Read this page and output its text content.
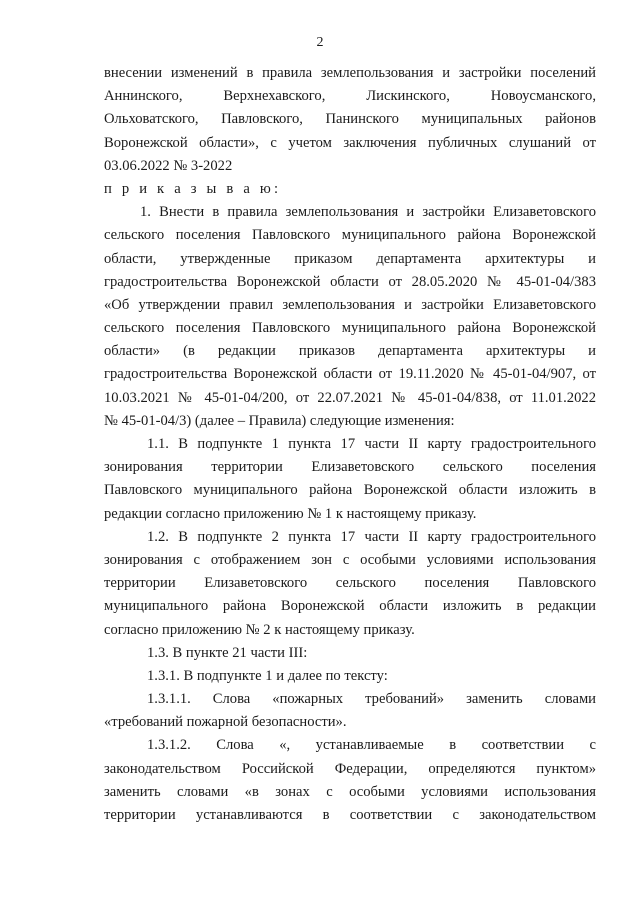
2
внесении изменений в правила землепользования и застройки поселений
Аннинского, Верхнехавского, Лискинского, Новоусманского,
Ольховатского, Павловского, Панинского муниципальных районов
Воронежской области», с учетом заключения публичных слушаний от
03.06.2022 № 3-2022
п р и к а з ы в а ю:
1. Внести в правила землепользования и застройки Елизаветовского
сельского поселения Павловского муниципального района Воронежской
области, утвержденные приказом департамента архитектуры и
градостроительства Воронежской области от 28.05.2020 № 45-01-04/383
«Об утверждении правил землепользования и застройки Елизаветовского
сельского поселения Павловского муниципального района Воронежской
области» (в редакции приказов департамента архитектуры и
градостроительства Воронежской области от 19.11.2020 № 45-01-04/907, от
10.03.2021 № 45-01-04/200, от 22.07.2021 № 45-01-04/838, от 11.01.2022
№ 45-01-04/3) (далее – Правила) следующие изменения:
1.1. В подпункте 1 пункта 17 части II карту градостроительного
зонирования территории Елизаветовского сельского поселения
Павловского муниципального района Воронежской области изложить в
редакции согласно приложению № 1 к настоящему приказу.
1.2. В подпункте 2 пункта 17 части II карту градостроительного
зонирования с отображением зон с особыми условиями использования
территории Елизаветовского сельского поселения Павловского
муниципального района Воронежской области изложить в редакции
согласно приложению № 2 к настоящему приказу.
1.3. В пункте 21 части III:
1.3.1. В подпункте 1 и далее по тексту:
1.3.1.1. Слова «пожарных требований» заменить словами
«требований пожарной безопасности».
1.3.1.2. Слова «, устанавливаемые в соответствии с
законодательством Российской Федерации, определяются пунктом»
заменить словами «в зонах с особыми условиями использования
территории устанавливаются в соответствии с законодательством
